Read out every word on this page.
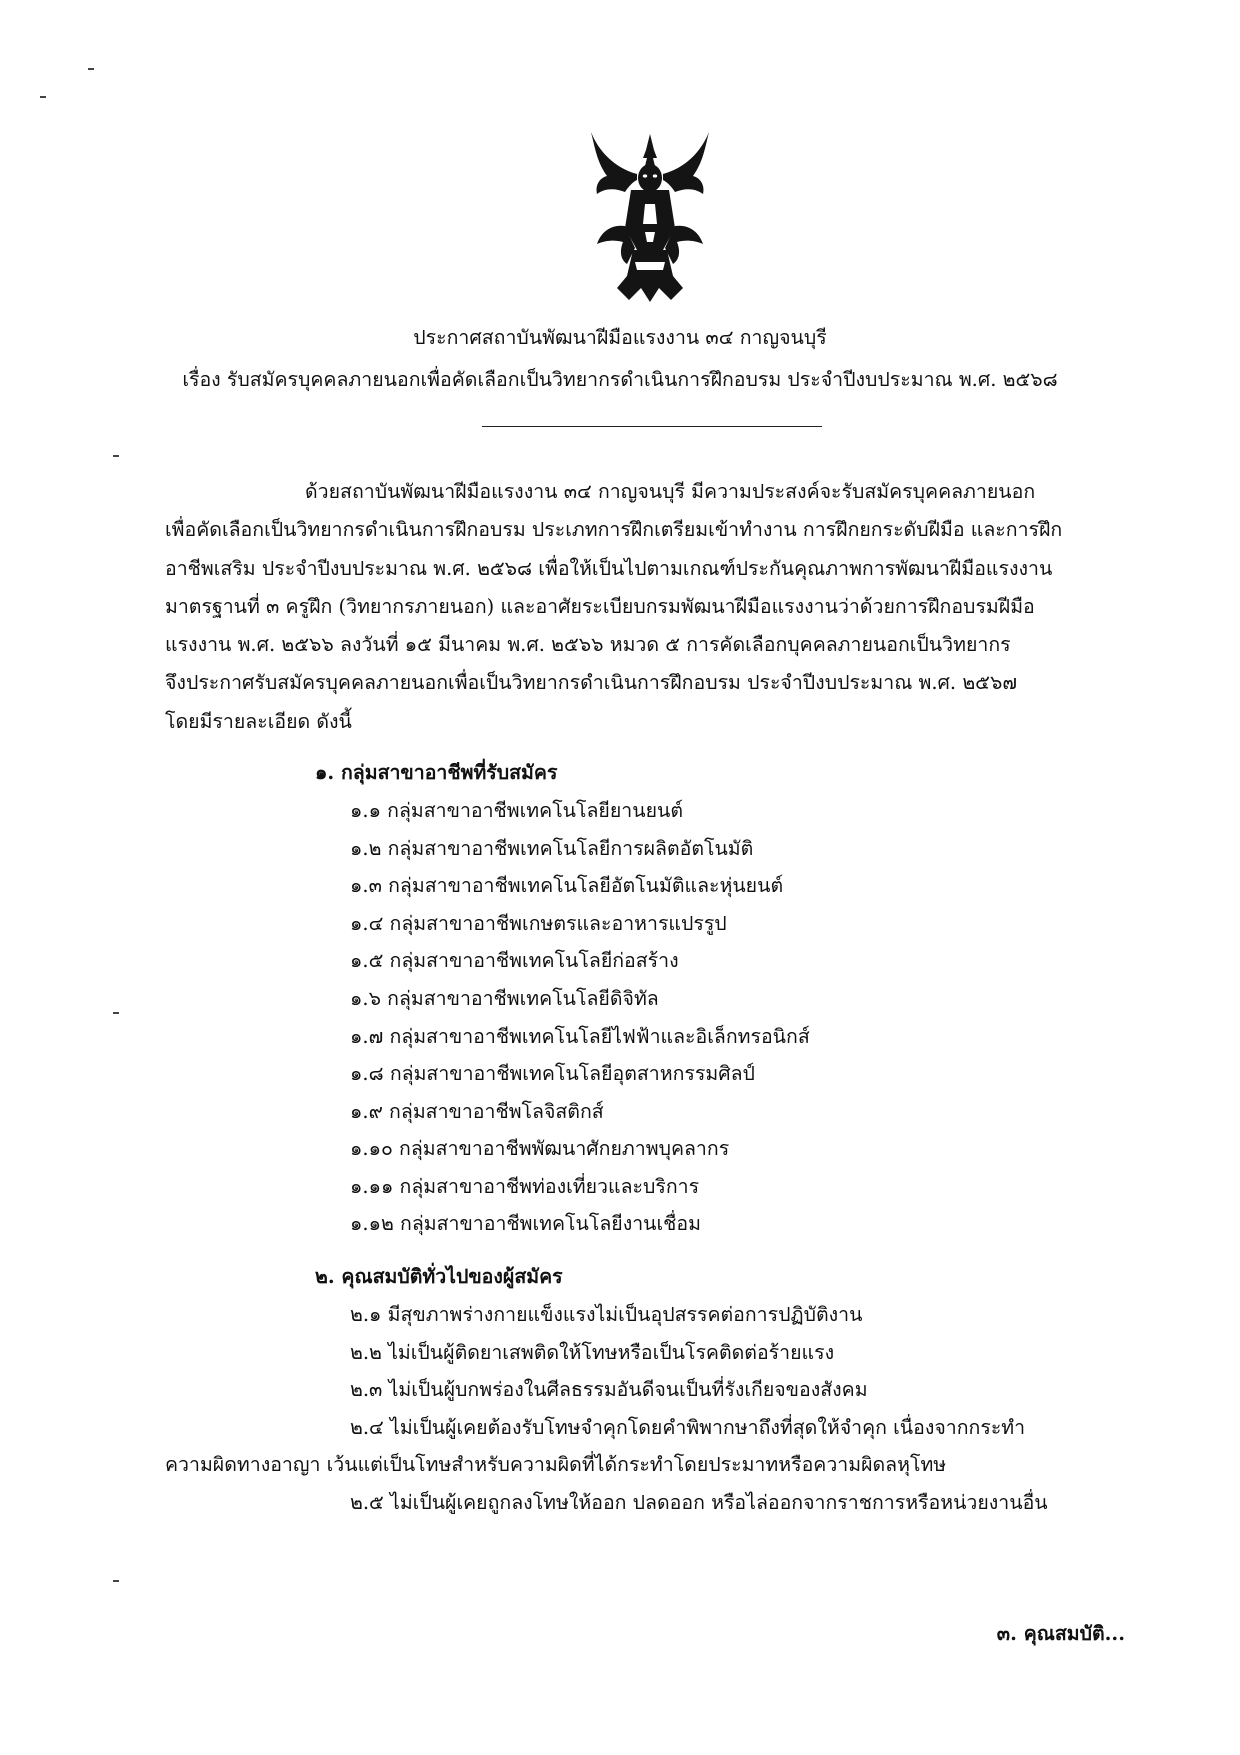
ประกาศสถาบันพัฒนาฝีมือแรงงาน ๓๔ กาญจนบุรี
เรื่อง รับสมัครบุคคลภายนอกเพื่อคัดเลือกเป็นวิทยากรดำเนินการฝึกอบรม ประจำปีงบประมาณ พ.ศ. ๒๕๖๘
ด้วยสถาบันพัฒนาฝีมือแรงงาน ๓๔ กาญจนบุรี มีความประสงค์จะรับสมัครบุคคลภายนอก
เพื่อคัดเลือกเป็นวิทยากรดำเนินการฝึกอบรม ประเภทการฝึกเตรียมเข้าทำงาน การฝึกยกระดับฝีมือ และการฝึก
อาชีพเสริม ประจำปีงบประมาณ พ.ศ. ๒๕๖๘ เพื่อให้เป็นไปตามเกณฑ์ประกันคุณภาพการพัฒนาฝีมือแรงงาน
มาตรฐานที่ ๓ ครูฝึก (วิทยากรภายนอก) และอาศัยระเบียบกรมพัฒนาฝีมือแรงงานว่าด้วยการฝึกอบรมฝีมือ
แรงงาน พ.ศ. ๒๕๖๖ ลงวันที่ ๑๕ มีนาคม พ.ศ. ๒๕๖๖ หมวด ๕ การคัดเลือกบุคคลภายนอกเป็นวิทยากร
จึงประกาศรับสมัครบุคคลภายนอกเพื่อเป็นวิทยากรดำเนินการฝึกอบรม ประจำปีงบประมาณ พ.ศ. ๒๕๖๗
โดยมีรายละเอียด ดังนี้
๑. กลุ่มสาขาอาชีพที่รับสมัคร
๑.๑ กลุ่มสาขาอาชีพเทคโนโลยียานยนต์
๑.๒ กลุ่มสาขาอาชีพเทคโนโลยีการผลิตอัตโนมัติ
๑.๓ กลุ่มสาขาอาชีพเทคโนโลยีอัตโนมัติและหุ่นยนต์
๑.๔ กลุ่มสาขาอาชีพเกษตรและอาหารแปรรูป
๑.๕ กลุ่มสาขาอาชีพเทคโนโลยีก่อสร้าง
๑.๖ กลุ่มสาขาอาชีพเทคโนโลยีดิจิทัล
๑.๗ กลุ่มสาขาอาชีพเทคโนโลยีไฟฟ้าและอิเล็กทรอนิกส์
๑.๘ กลุ่มสาขาอาชีพเทคโนโลยีอุตสาหกรรมศิลป์
๑.๙ กลุ่มสาขาอาชีพโลจิสติกส์
๑.๑๐ กลุ่มสาขาอาชีพพัฒนาศักยภาพบุคลากร
๑.๑๑ กลุ่มสาขาอาชีพท่องเที่ยวและบริการ
๑.๑๒ กลุ่มสาขาอาชีพเทคโนโลยีงานเชื่อม
๒. คุณสมบัติทั่วไปของผู้สมัคร
๒.๑ มีสุขภาพร่างกายแข็งแรงไม่เป็นอุปสรรคต่อการปฏิบัติงาน
๒.๒ ไม่เป็นผู้ติดยาเสพติดให้โทษหรือเป็นโรคติดต่อร้ายแรง
๒.๓ ไม่เป็นผู้บกพร่องในศีลธรรมอันดีจนเป็นที่รังเกียจของสังคม
๒.๔ ไม่เป็นผู้เคยต้องรับโทษจำคุกโดยคำพิพากษาถึงที่สุดให้จำคุก เนื่องจากกระทำ
ความผิดทางอาญา เว้นแต่เป็นโทษสำหรับความผิดที่ได้กระทำโดยประมาทหรือความผิดลหุโทษ
๒.๕ ไม่เป็นผู้เคยถูกลงโทษให้ออก ปลดออก หรือไล่ออกจากราชการหรือหน่วยงานอื่น
๓. คุณสมบัติ...
